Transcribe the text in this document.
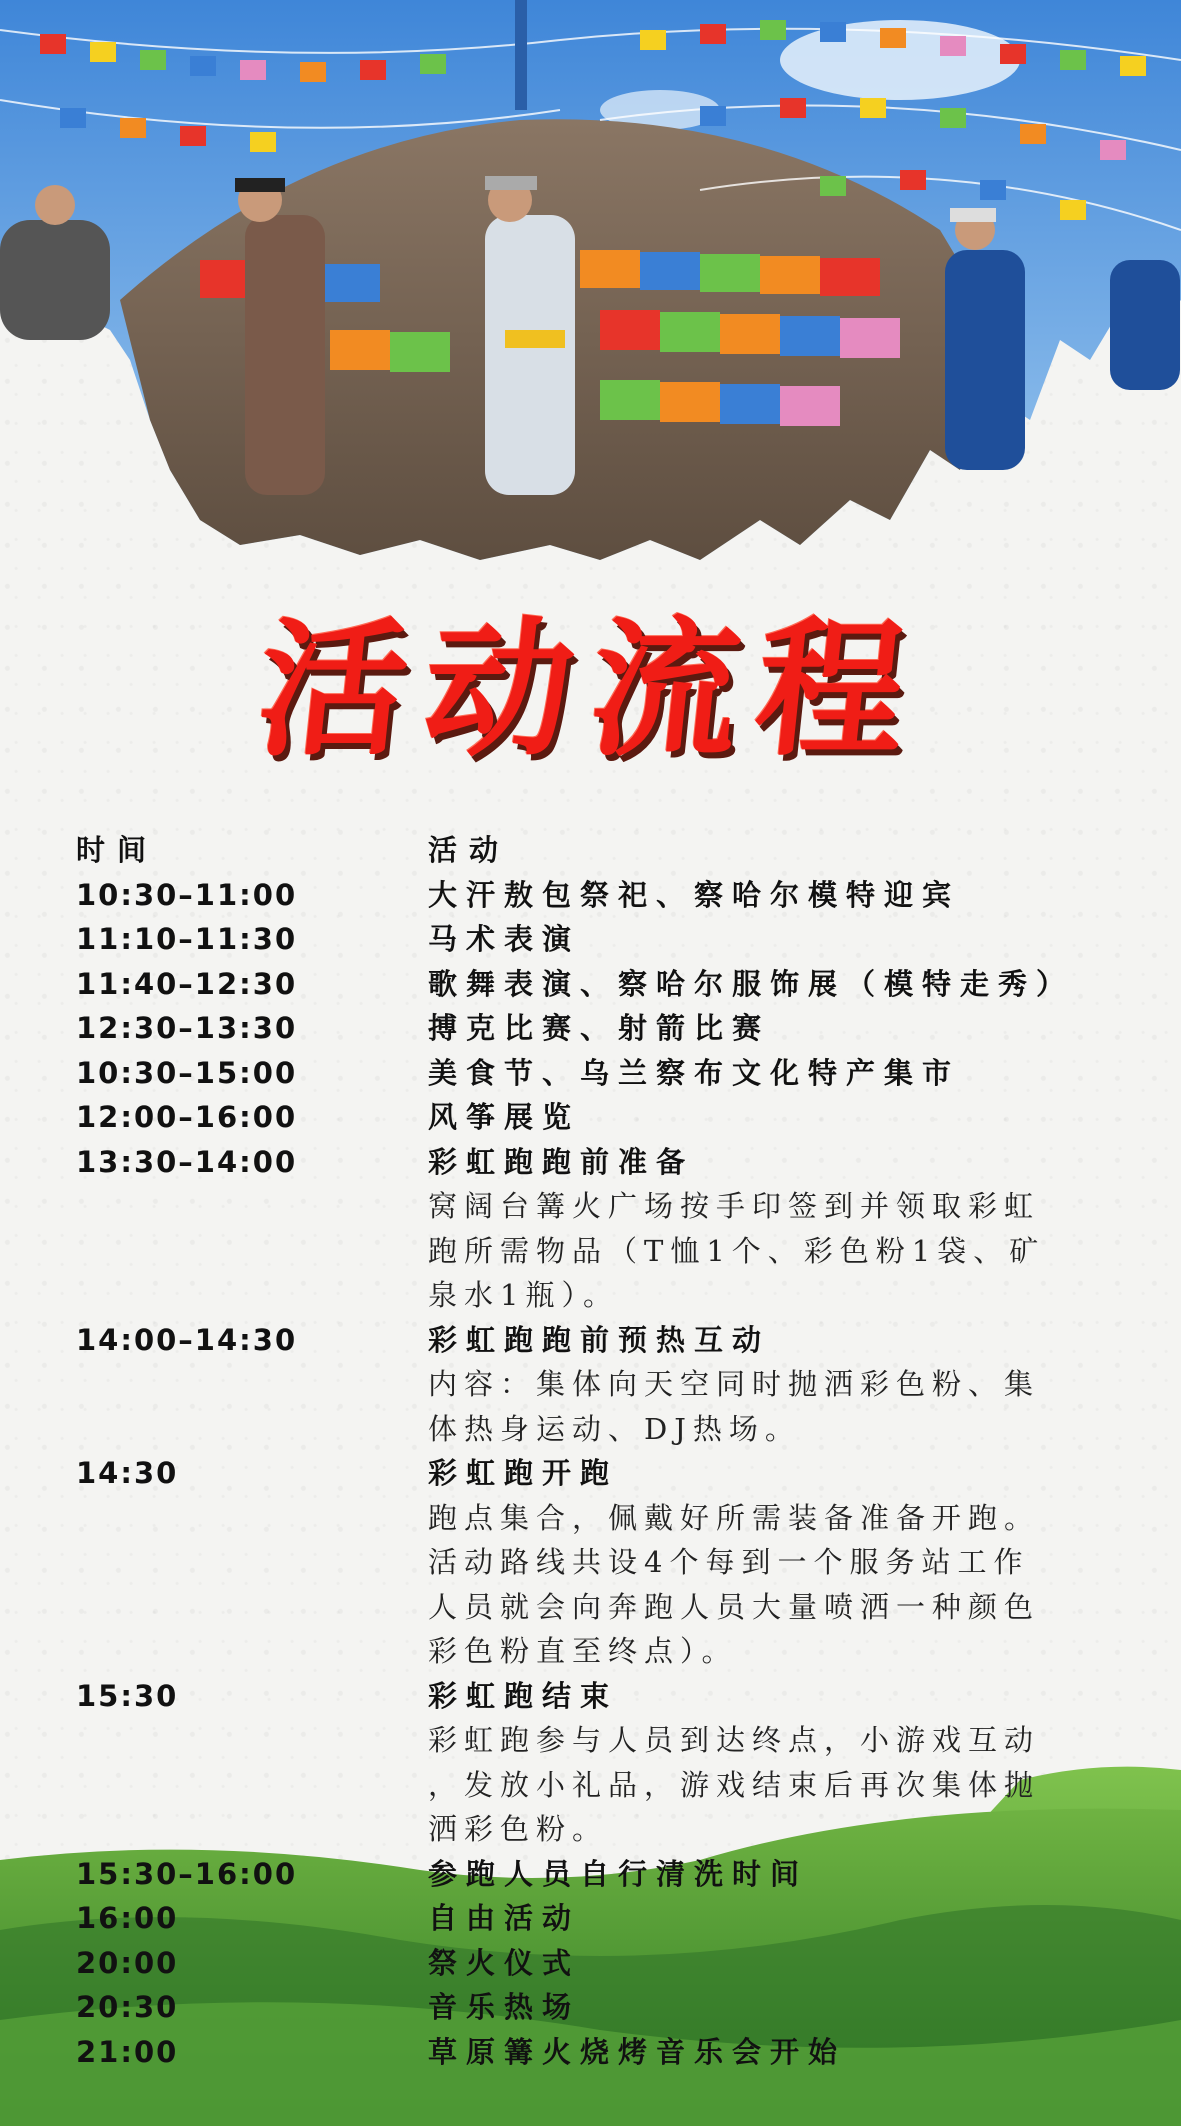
活动流程
时间	活动
10:30–11:00	大汗敖包祭祀、察哈尔模特迎宾
11:10–11:30	马术表演
11:40–12:30	歌舞表演、察哈尔服饰展（模特走秀）
12:30–13:30	搏克比赛、射箭比赛
10:30–15:00	美食节、乌兰察布文化特产集市
12:00–16:00	风筝展览
13:30–14:00	彩虹跑跑前准备
窝阔台篝火广场按手印签到并领取彩虹
跑所需物品（T恤1个、彩色粉1袋、矿
泉水1瓶）。
14:00–14:30	彩虹跑跑前预热互动
内容：集体向天空同时抛洒彩色粉、集
体热身运动、DJ热场。
14:30	彩虹跑开跑
跑点集合，佩戴好所需装备准备开跑。
活动路线共设4个每到一个服务站工作
人员就会向奔跑人员大量喷洒一种颜色
彩色粉直至终点）。
15:30	彩虹跑结束
彩虹跑参与人员到达终点，小游戏互动
，发放小礼品，游戏结束后再次集体抛
洒彩色粉。
15:30–16:00	参跑人员自行清洗时间
16:00	自由活动
20:00	祭火仪式
20:30	音乐热场
21:00	草原篝火烧烤音乐会开始
